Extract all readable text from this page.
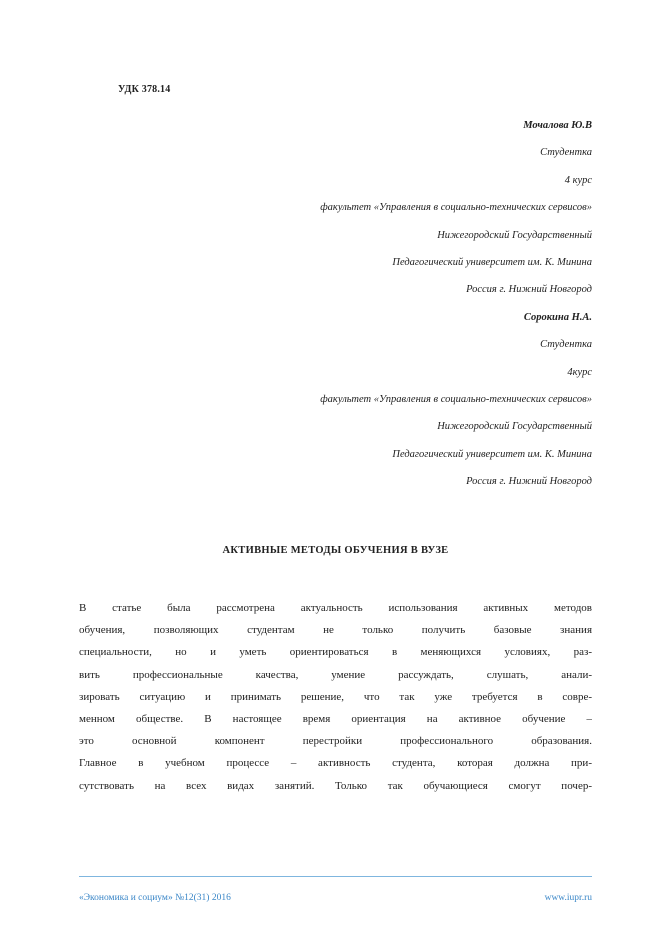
УДК 378.14
Мочалова Ю.В
Студентка
4 курс
факультет «Управления в социально-технических сервисов»
Нижегородский Государственный
Педагогический университет им. К. Минина
Россия г. Нижний Новгород
Сорокина Н.А.
Студентка
4курс
факультет «Управления в социально-технических сервисов»
Нижегородский Государственный
Педагогический университет им. К. Минина
Россия г. Нижний Новгород
АКТИВНЫЕ МЕТОДЫ ОБУЧЕНИЯ В ВУЗЕ
В статье была рассмотрена актуальность использования активных методов
обучения, позволяющих студентам не только получить базовые знания
специальности, но и уметь ориентироваться в меняющихся условиях, раз-
вить профессиональные качества, умение рассуждать, слушать, анали-
зировать ситуацию и принимать решение, что так уже требуется в совре-
менном обществе. В настоящее время ориентация на активное обучение –
это основной компонент перестройки профессионального образования.
Главное в учебном процессе – активность студента, которая должна при-
сутствовать на всех видах занятий. Только так обучающиеся смогут почер-
«Экономика и социум» №12(31) 2016	www.iupr.ru
